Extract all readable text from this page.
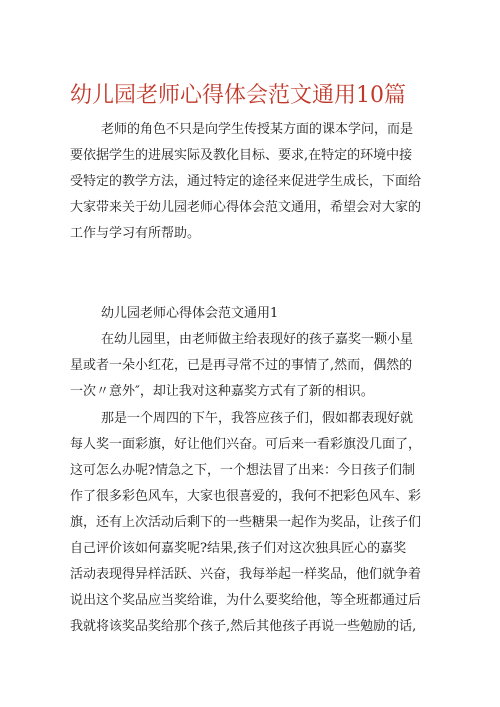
幼儿园老师心得体会范文通用10篇

老师的角色不只是向学生传授某方面的课本学问，而是

要依据学生的进展实际及教化目标、要求,在特定的环境中接

受特定的教学方法，通过特定的途径来促进学生成长，下面给

大家带来关于幼儿园老师心得体会范文通用，希望会对大家的

工作与学习有所帮助。

幼儿园老师心得体会范文通用1

在幼儿园里，由老师做主给表现好的孩子嘉奖一颗小星

星或者一朵小红花，已是再寻常不过的事情了,然而，偶然的

一次〃意外″，却让我对这种嘉奖方式有了新的相识。

那是一个周四的下午，我答应孩子们，假如都表现好就

每人奖一面彩旗，好让他们兴奋。可后来一看彩旗没几面了，

这可怎么办呢?情急之下，一个想法冒了出来：今日孩子们制

作了很多彩色风车，大家也很喜爱的，我何不把彩色风车、彩

旗，还有上次活动后剩下的一些糖果一起作为奖品，让孩子们

自己评价该如何嘉奖呢?结果,孩子们对这次独具匠心的嘉奖

活动表现得异样活跃、兴奋，我每举起一样奖品，他们就争着

说出这个奖品应当奖给谁，为什么要奖给他，等全班都通过后

我就将该奖品奖给那个孩子,然后其他孩子再说一些勉励的话,
